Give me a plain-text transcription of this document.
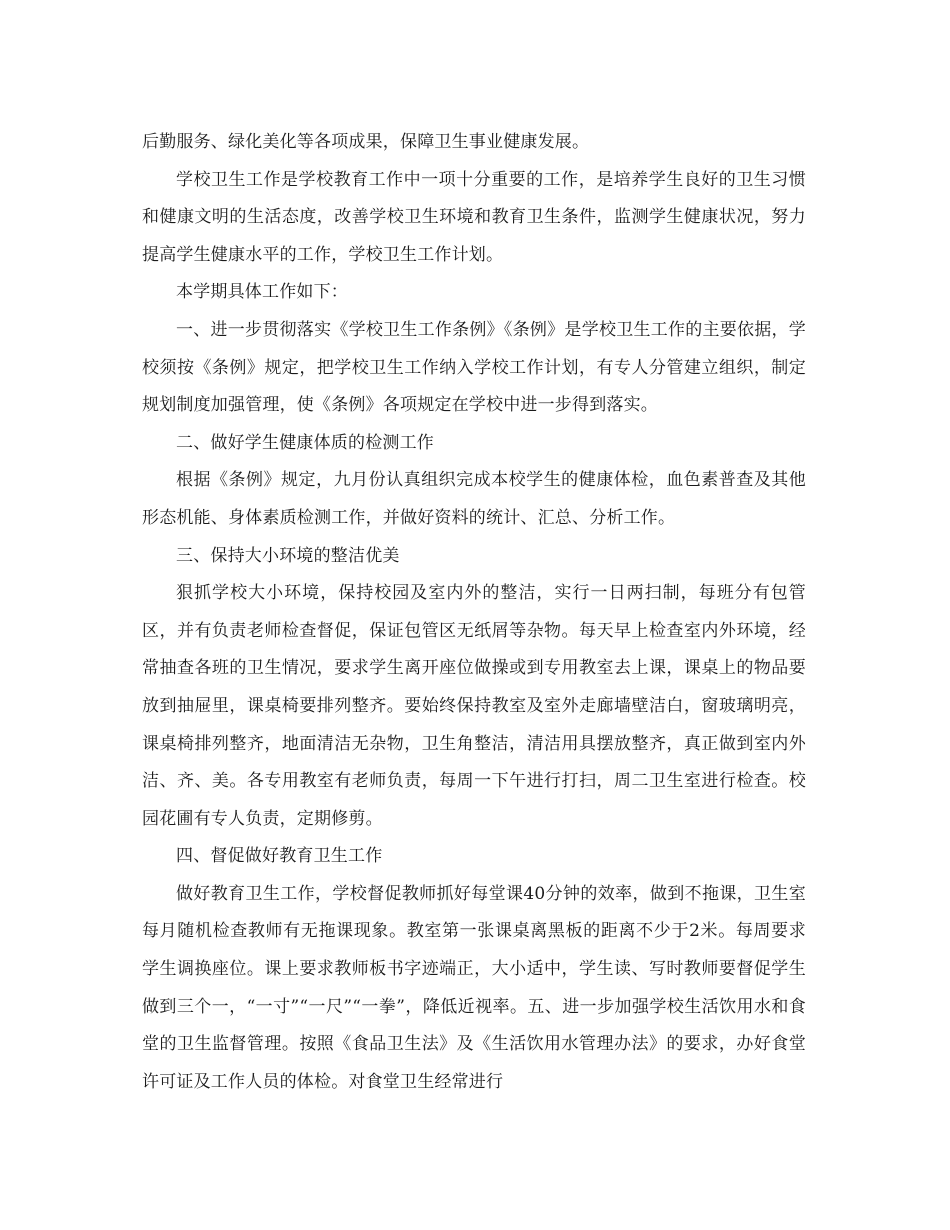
后勤服务、绿化美化等各项成果，保障卫生事业健康发展。

学校卫生工作是学校教育工作中一项十分重要的工作，是培养学生良好的卫生习惯和健康文明的生活态度，改善学校卫生环境和教育卫生条件，监测学生健康状况，努力提高学生健康水平的工作，学校卫生工作计划。

本学期具体工作如下：

一、进一步贯彻落实《学校卫生工作条例》《条例》是学校卫生工作的主要依据，学校须按《条例》规定，把学校卫生工作纳入学校工作计划，有专人分管建立组织，制定规划制度加强管理，使《条例》各项规定在学校中进一步得到落实。

二、做好学生健康体质的检测工作

根据《条例》规定，九月份认真组织完成本校学生的健康体检，血色素普查及其他形态机能、身体素质检测工作，并做好资料的统计、汇总、分析工作。

三、保持大小环境的整洁优美

狠抓学校大小环境，保持校园及室内外的整洁，实行一日两扫制，每班分有包管区，并有负责老师检查督促，保证包管区无纸屑等杂物。每天早上检查室内外环境，经常抽查各班的卫生情况，要求学生离开座位做操或到专用教室去上课，课桌上的物品要放到抽屉里，课桌椅要排列整齐。要始终保持教室及室外走廊墙壁洁白，窗玻璃明亮，课桌椅排列整齐，地面清洁无杂物，卫生角整洁，清洁用具摆放整齐，真正做到室内外洁、齐、美。各专用教室有老师负责，每周一下午进行打扫，周二卫生室进行检查。校园花圃有专人负责，定期修剪。

四、督促做好教育卫生工作

做好教育卫生工作，学校督促教师抓好每堂课40分钟的效率，做到不拖课，卫生室每月随机检查教师有无拖课现象。教室第一张课桌离黑板的距离不少于2米。每周要求学生调换座位。课上要求教师板书字迹端正，大小适中，学生读、写时教师要督促学生做到三个一，“一寸”“一尺”“一拳”，降低近视率。五、进一步加强学校生活饮用水和食堂的卫生监督管理。按照《食品卫生法》及《生活饮用水管理办法》的要求，办好食堂许可证及工作人员的体检。对食堂卫生经常进行
